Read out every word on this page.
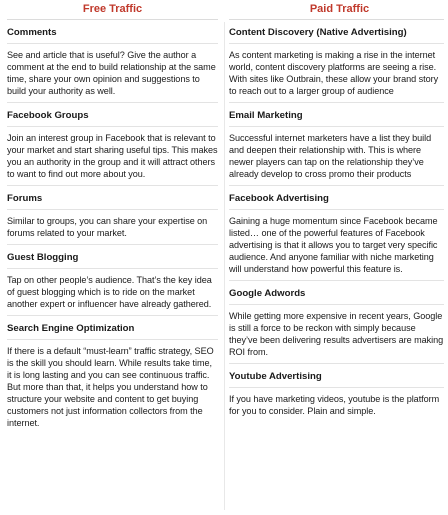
Free Traffic
Comments
See and article that is useful? Give the author a comment at the end to build relationship at the same time, share your own opinion and suggestions to build your authority as well.
Facebook Groups
Join an interest group in Facebook that is relevant to your market and start sharing useful tips. This makes you an authority in the group and it will attract others to want to find out more about you.
Forums
Similar to groups, you can share your expertise on forums related to your market.
Guest Blogging
Tap on other people’s audience. That’s the key idea of guest blogging which is to ride on the market another expert or influencer have already gathered.
Search Engine Optimization
If there is a default “must-learn” traffic strategy, SEO is the skill you should learn. While results take time, it is long lasting and you can see continuous traffic. But more than that, it helps you understand how to structure your website and content to get buying customers not just information collectors from the internet.
Paid Traffic
Content Discovery (Native Advertising)
As content marketing is making a rise in the internet world, content discovery platforms are seeing a rise. With sites like Outbrain, these allow your brand story to reach out to a larger group of audience
Email Marketing
Successful internet marketers have a list they build and deepen their relationship with. This is where newer players can tap on the relationship they’ve already develop to cross promo their products
Facebook Advertising
Gaining a huge momentum since Facebook became listed… one of the powerful features of Facebook advertising is that it allows you to target very specific audience. And anyone familiar with niche marketing will understand how powerful this feature is.
Google Adwords
While getting more expensive in recent years, Google is still a force to be reckon with simply because they’ve been delivering results advertisers are making ROI from.
Youtube Advertising
If you have marketing videos, youtube is the platform for you to consider. Plain and simple.
